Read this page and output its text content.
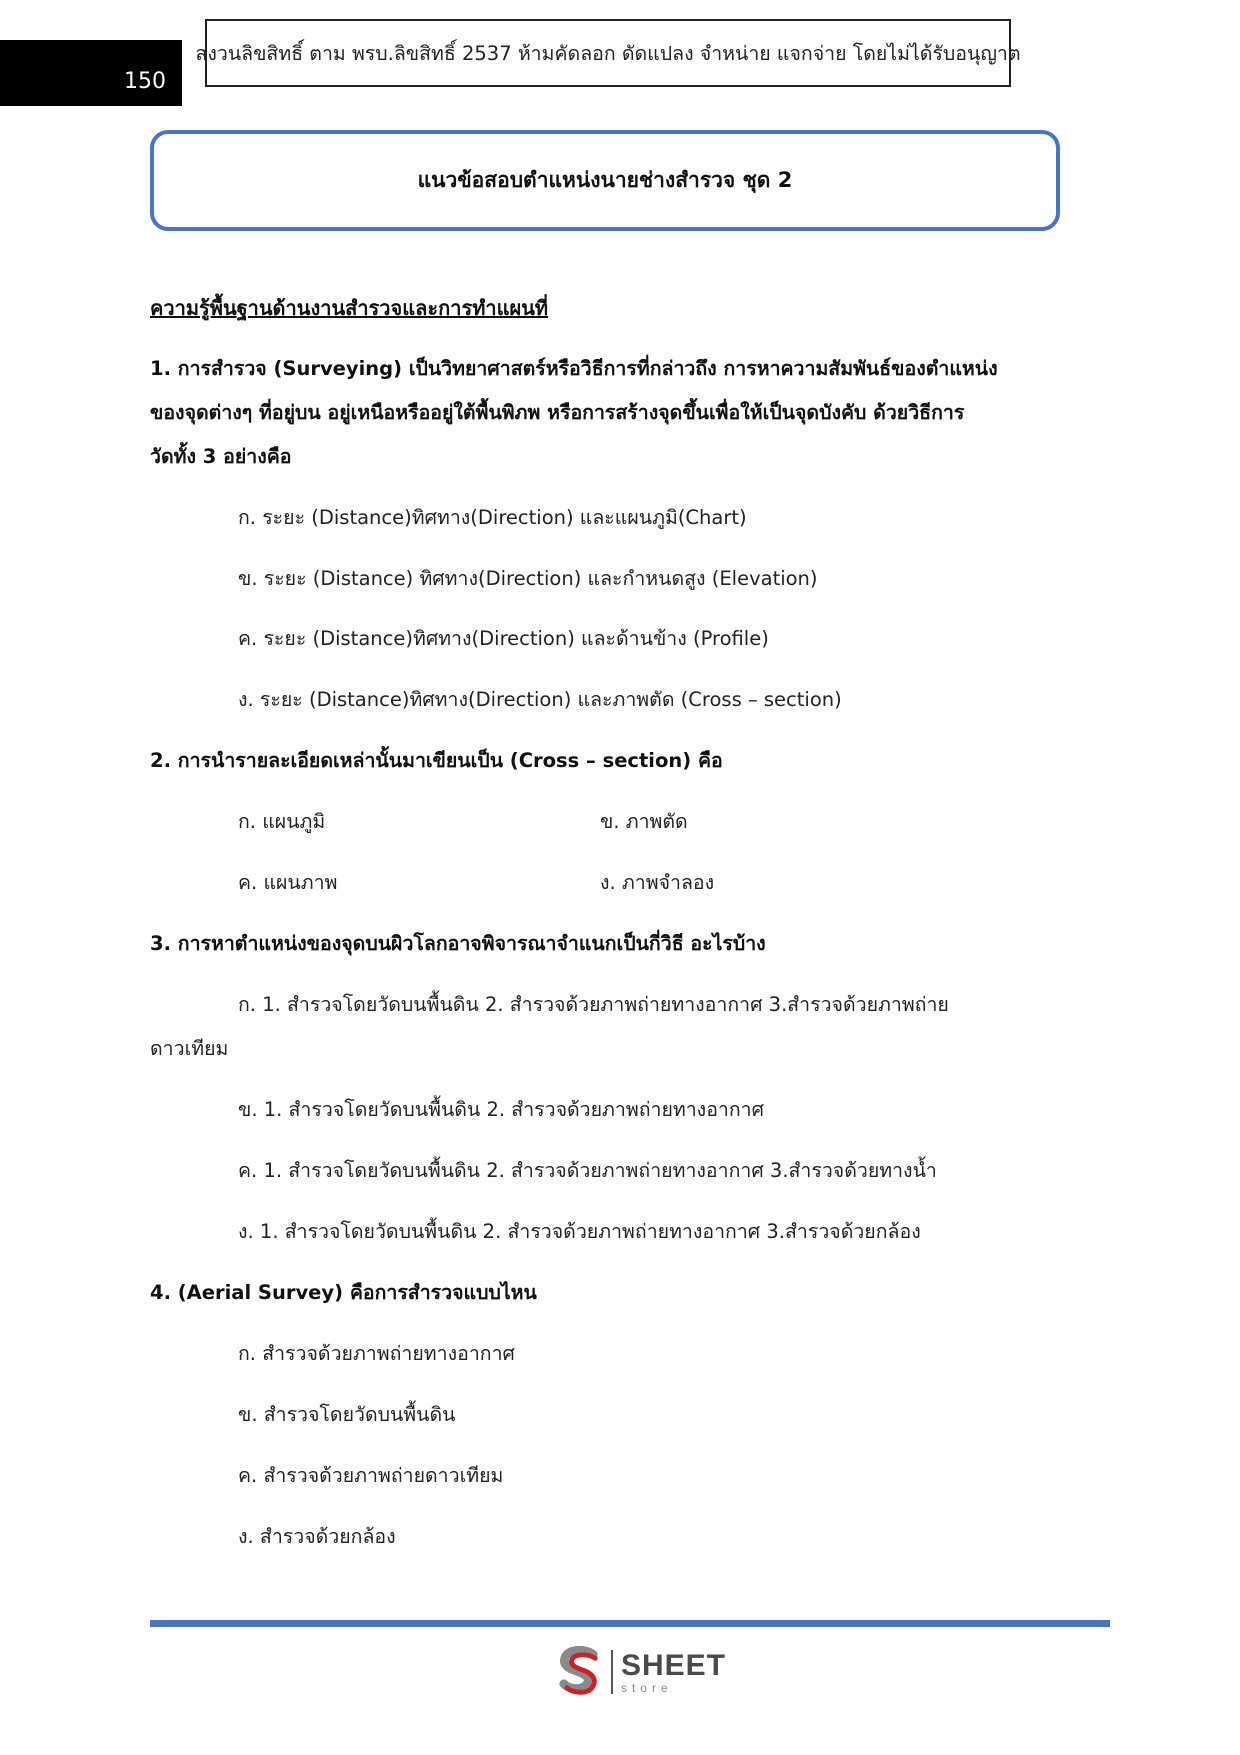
150
สงวนลิขสิทธิ์ ตาม พรบ.ลิขสิทธิ์ 2537 ห้ามคัดลอก ดัดแปลง จำหน่าย แจกจ่าย โดยไม่ได้รับอนุญาต
แนวข้อสอบตำแหน่งนายช่างสำรวจ ชุด 2
ความรู้พื้นฐานด้านงานสำรวจและการทำแผนที่
1. การสำรวจ (Surveying) เป็นวิทยาศาสตร์หรือวิธีการที่กล่าวถึง การหาความสัมพันธ์ของตำแหน่ง
ของจุดต่างๆ ที่อยู่บน อยู่เหนือหรืออยู่ใต้พื้นพิภพ หรือการสร้างจุดขึ้นเพื่อให้เป็นจุดบังคับ ด้วยวิธีการ
วัดทั้ง 3 อย่างคือ
ก. ระยะ (Distance)ทิศทาง(Direction) และแผนภูมิ(Chart)
ข. ระยะ (Distance) ทิศทาง(Direction) และกำหนดสูง (Elevation)
ค. ระยะ (Distance)ทิศทาง(Direction) และด้านข้าง (Profile)
ง. ระยะ (Distance)ทิศทาง(Direction) และภาพตัด (Cross – section)
2. การนำรายละเอียดเหล่านั้นมาเขียนเป็น (Cross – section) คือ
ก. แผนภูมิ	ข. ภาพตัด
ค. แผนภาพ	ง. ภาพจำลอง
3. การหาตำแหน่งของจุดบนผิวโลกอาจพิจารณาจำแนกเป็นกี่วิธี อะไรบ้าง
ก. 1. สำรวจโดยวัดบนพื้นดิน 2. สำรวจด้วยภาพถ่ายทางอากาศ 3.สำรวจด้วยภาพถ่าย
ดาวเทียม
ข. 1. สำรวจโดยวัดบนพื้นดิน 2. สำรวจด้วยภาพถ่ายทางอากาศ
ค. 1. สำรวจโดยวัดบนพื้นดิน 2. สำรวจด้วยภาพถ่ายทางอากาศ 3.สำรวจด้วยทางน้ำ
ง. 1. สำรวจโดยวัดบนพื้นดิน 2. สำรวจด้วยภาพถ่ายทางอากาศ 3.สำรวจด้วยกล้อง
4. (Aerial Survey) คือการสำรวจแบบไหน
ก. สำรวจด้วยภาพถ่ายทางอากาศ
ข. สำรวจโดยวัดบนพื้นดิน
ค. สำรวจด้วยภาพถ่ายดาวเทียม
ง. สำรวจด้วยกล้อง
SHEET
store
